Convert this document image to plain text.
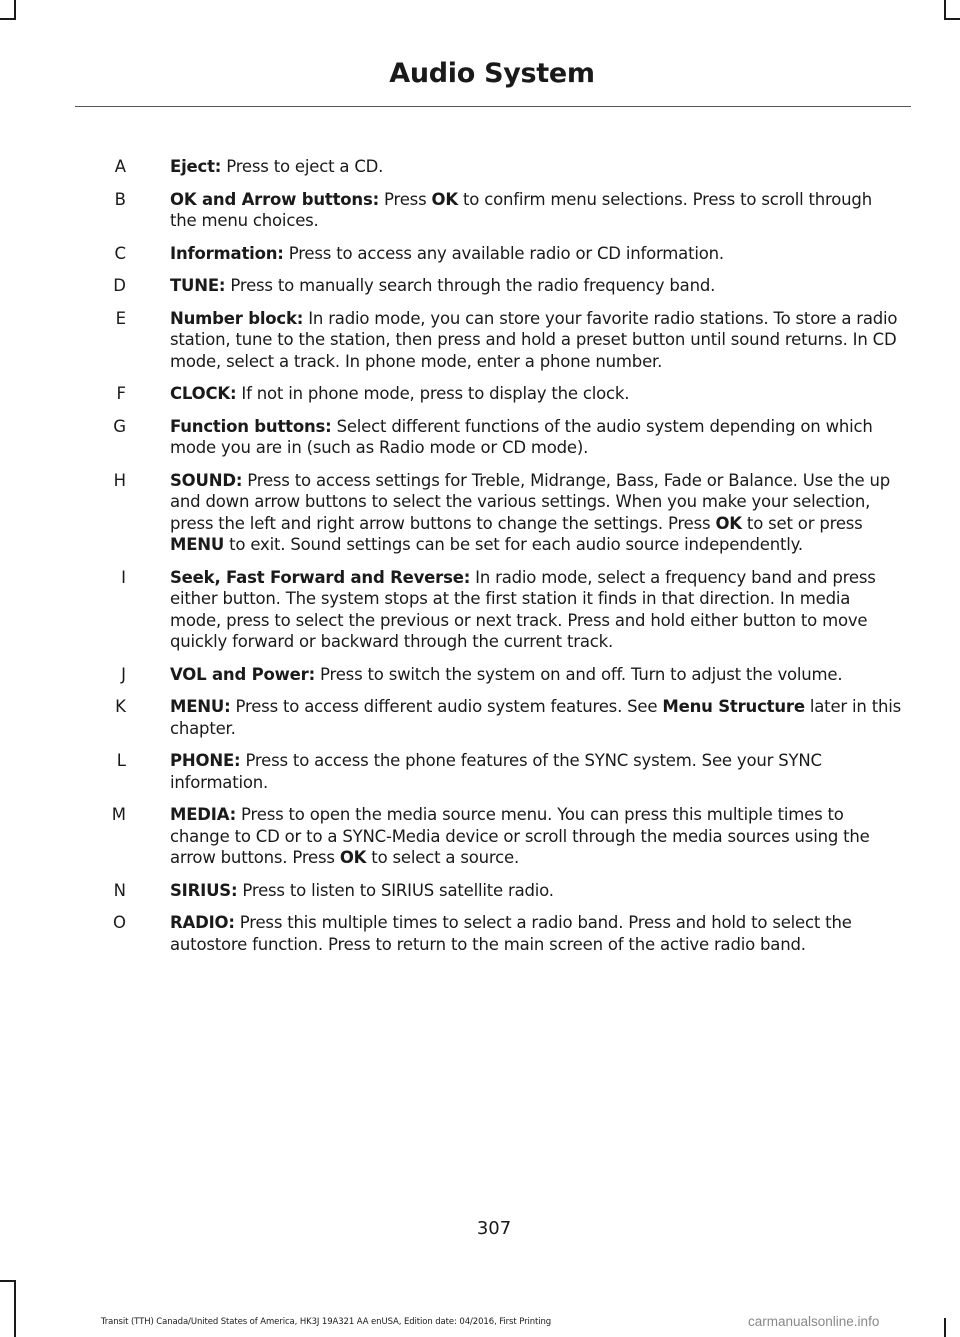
Audio System
A	Eject: Press to eject a CD.
B	OK and Arrow buttons: Press OK to confirm menu selections. Press to scroll through the menu choices.
C	Information: Press to access any available radio or CD information.
D	TUNE: Press to manually search through the radio frequency band.
E	Number block: In radio mode, you can store your favorite radio stations. To store a radio station, tune to the station, then press and hold a preset button until sound returns. In CD mode, select a track. In phone mode, enter a phone number.
F	CLOCK: If not in phone mode, press to display the clock.
G	Function buttons: Select different functions of the audio system depending on which mode you are in (such as Radio mode or CD mode).
H	SOUND: Press to access settings for Treble, Midrange, Bass, Fade or Balance. Use the up and down arrow buttons to select the various settings. When you make your selection, press the left and right arrow buttons to change the settings. Press OK to set or press MENU to exit. Sound settings can be set for each audio source independently.
I	Seek, Fast Forward and Reverse: In radio mode, select a frequency band and press either button. The system stops at the first station it finds in that direction. In media mode, press to select the previous or next track. Press and hold either button to move quickly forward or backward through the current track.
J	VOL and Power: Press to switch the system on and off. Turn to adjust the volume.
K	MENU: Press to access different audio system features. See Menu Structure later in this chapter.
L	PHONE: Press to access the phone features of the SYNC system. See your SYNC information.
M	MEDIA: Press to open the media source menu. You can press this multiple times to change to CD or to a SYNC-Media device or scroll through the media sources using the arrow buttons. Press OK to select a source.
N	SIRIUS: Press to listen to SIRIUS satellite radio.
O	RADIO: Press this multiple times to select a radio band. Press and hold to select the autostore function. Press to return to the main screen of the active radio band.
307
Transit (TTH) Canada/United States of America, HK3J 19A321 AA enUSA, Edition date: 04/2016, First Printing	carmanualsonline.info
